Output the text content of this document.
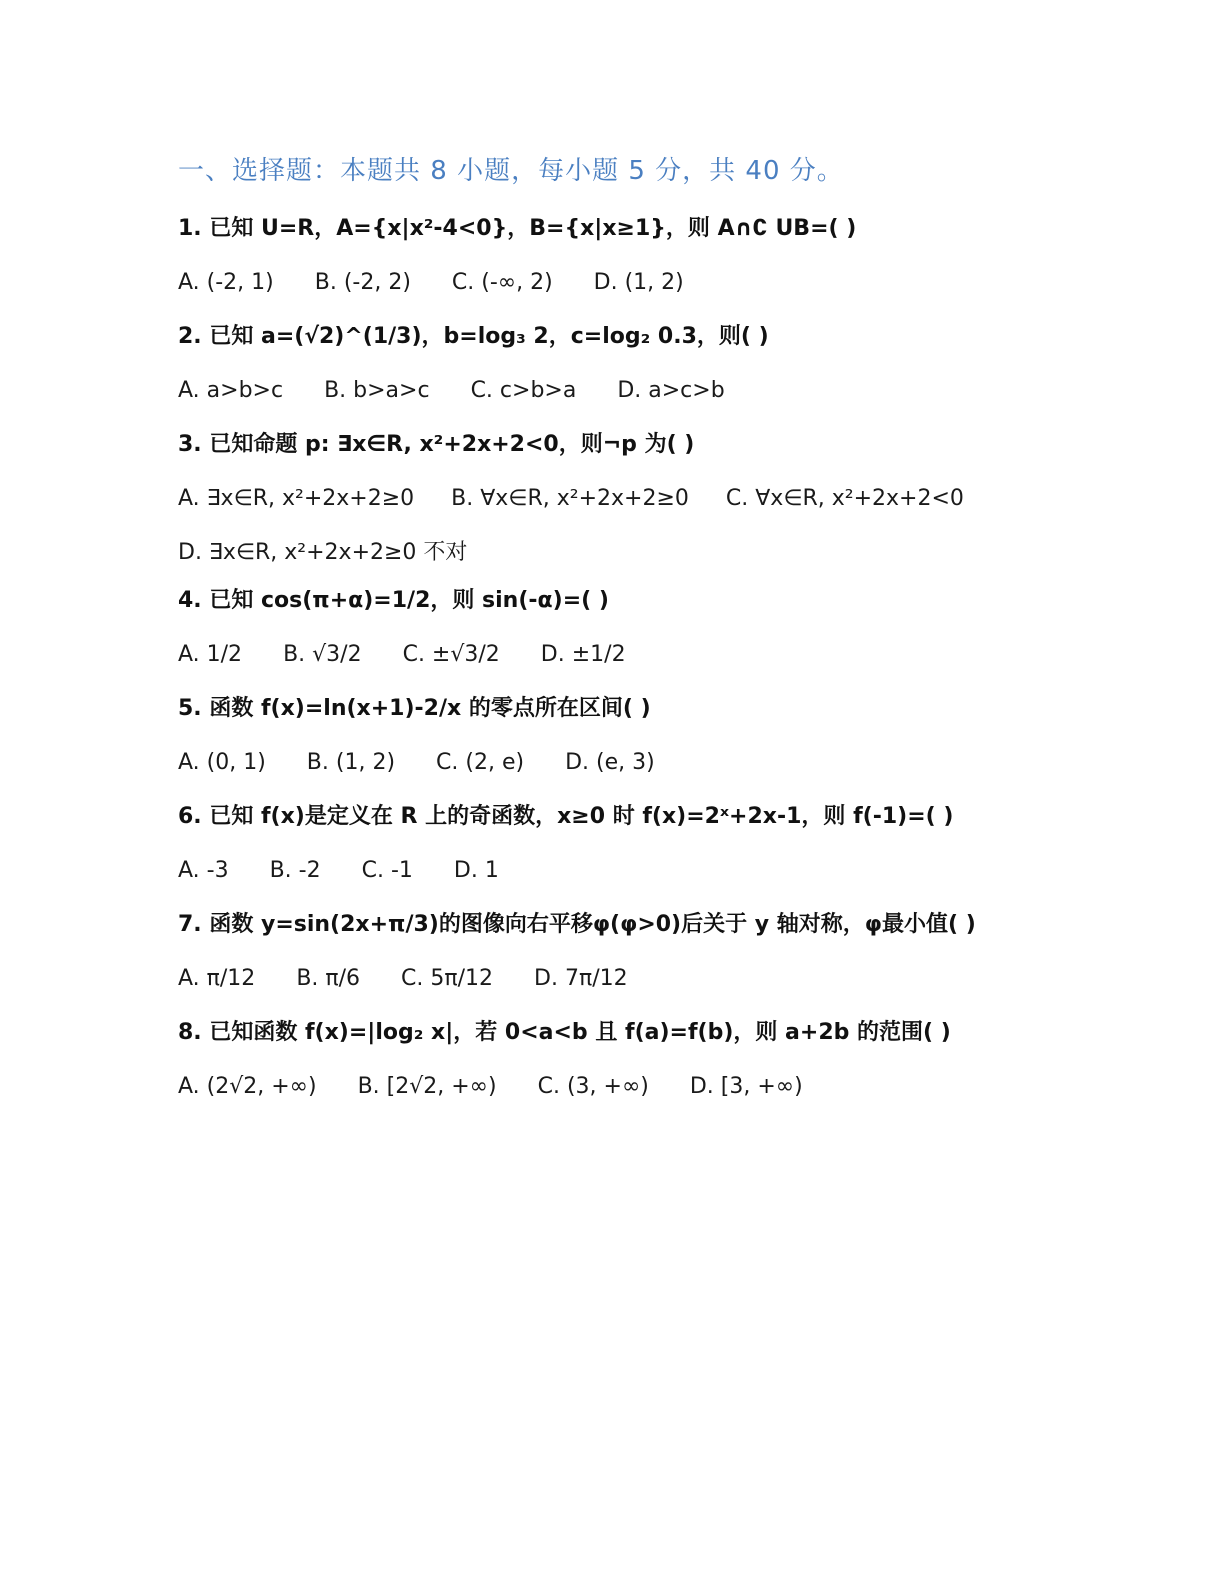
一、选择题：本题共 8 小题，每小题 5 分，共 40 分。
1. 已知 U=R，A={x|x²-4<0}，B={x|x≥1}，则 A∩∁ UB=( )
A. (-2, 1) B. (-2, 2) C. (-∞, 2) D. (1, 2)
2. 已知 a=(√2)^(1/3)，b=log₃ 2，c=log₂ 0.3，则( )
A. a>b>c B. b>a>c C. c>b>a D. a>c>b
3. 已知命题 p: ∃x∈R, x²+2x+2<0，则¬p 为( )
A. ∃x∈R, x²+2x+2≥0 B. ∀x∈R, x²+2x+2≥0 C. ∀x∈R, x²+2x+2<0 D. ∃x∈R, x²+2x+2≥0 不对
4. 已知 cos(π+α)=1/2，则 sin(-α)=( )
A. 1/2 B. √3/2 C. ±√3/2 D. ±1/2
5. 函数 f(x)=ln(x+1)-2/x 的零点所在区间( )
A. (0, 1) B. (1, 2) C. (2, e) D. (e, 3)
6. 已知 f(x)是定义在 R 上的奇函数，x≥0 时 f(x)=2ˣ+2x-1，则 f(-1)=( )
A. -3 B. -2 C. -1 D. 1
7. 函数 y=sin(2x+π/3)的图像向右平移φ(φ>0)后关于 y 轴对称，φ最小值( )
A. π/12 B. π/6 C. 5π/12 D. 7π/12
8. 已知函数 f(x)=|log₂ x|，若 0<a<b 且 f(a)=f(b)，则 a+2b 的范围( )
A. (2√2, +∞) B. [2√2, +∞) C. (3, +∞) D. [3, +∞)
